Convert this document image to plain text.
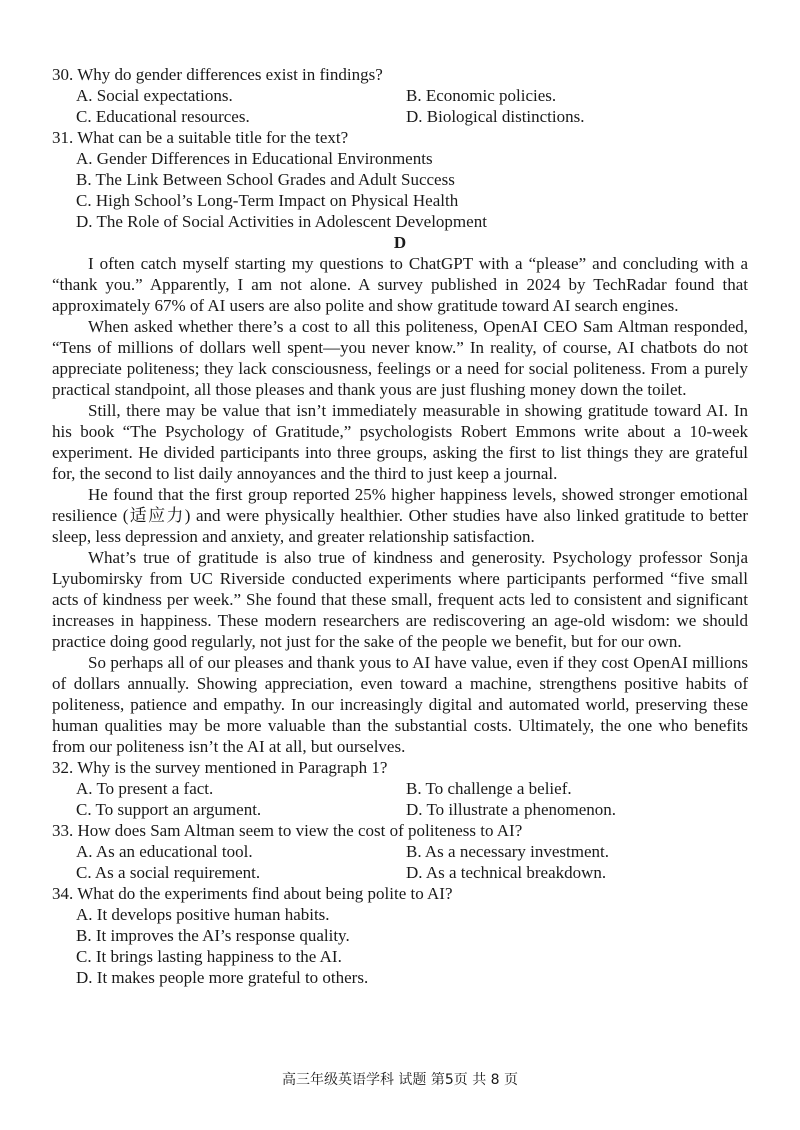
30. Why do gender differences exist in findings?

A. Social expectations.	B. Economic policies.
C. Educational resources.	D. Biological distinctions.

31. What can be a suitable title for the text?

A. Gender Differences in Educational Environments

B. The Link Between School Grades and Adult Success

C. High School’s Long-Term Impact on Physical Health

D. The Role of Social Activities in Adolescent Development

D

I often catch myself starting my questions to ChatGPT with a “please” and concluding with a “thank you.” Apparently, I am not alone. A survey published in 2024 by TechRadar found that approximately 67% of AI users are also polite and show gratitude toward AI search engines.

When asked whether there’s a cost to all this politeness, OpenAI CEO Sam Altman responded, “Tens of millions of dollars well spent—you never know.” In reality, of course, AI chatbots do not appreciate politeness; they lack consciousness, feelings or a need for social politeness. From a purely practical standpoint, all those pleases and thank yous are just flushing money down the toilet.

Still, there may be value that isn’t immediately measurable in showing gratitude toward AI. In his book “The Psychology of Gratitude,” psychologists Robert Emmons write about a 10-week experiment. He divided participants into three groups, asking the first to list things they are grateful for, the second to list daily annoyances and the third to just keep a journal.

He found that the first group reported 25% higher happiness levels, showed stronger emotional resilience (适应力) and were physically healthier. Other studies have also linked gratitude to better sleep, less depression and anxiety, and greater relationship satisfaction.

What’s true of gratitude is also true of kindness and generosity. Psychology professor Sonja Lyubomirsky from UC Riverside conducted experiments where participants performed “five small acts of kindness per week.” She found that these small, frequent acts led to consistent and significant increases in happiness. These modern researchers are rediscovering an age-old wisdom: we should practice doing good regularly, not just for the sake of the people we benefit, but for our own.

So perhaps all of our pleases and thank yous to AI have value, even if they cost OpenAI millions of dollars annually. Showing appreciation, even toward a machine, strengthens positive habits of politeness, patience and empathy. In our increasingly digital and automated world, preserving these human qualities may be more valuable than the substantial costs. Ultimately, the one who benefits from our politeness isn’t the AI at all, but ourselves.

32. Why is the survey mentioned in Paragraph 1?

A. To present a fact.	B. To challenge a belief.
C. To support an argument.	D. To illustrate a phenomenon.

33. How does Sam Altman seem to view the cost of politeness to AI?

A. As an educational tool.	B. As a necessary investment.
C. As a social requirement.	D. As a technical breakdown.

34. What do the experiments find about being polite to AI?

A. It develops positive human habits.

B. It improves the AI’s response quality.

C. It brings lasting happiness to the AI.

D. It makes people more grateful to others.

高三年级英语学科 试题 第5页 共 8 页
